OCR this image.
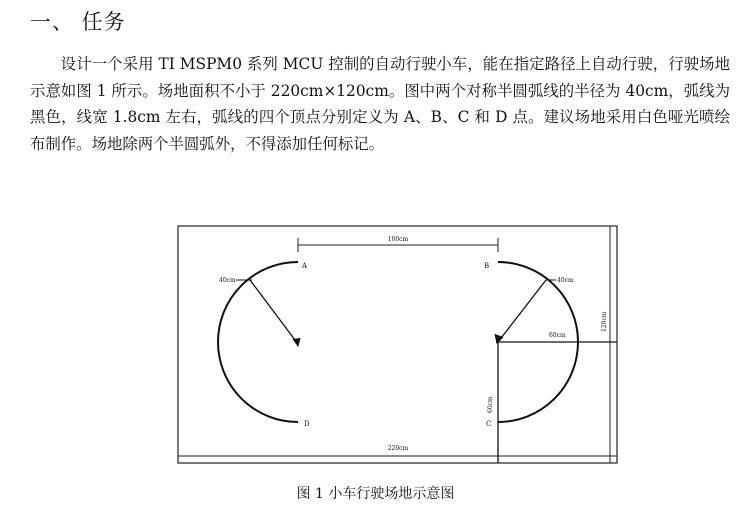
一、 任务

设计一个采用 TI MSPM0 系列 MCU 控制的自动行驶小车，能在指定路径上自动行驶，行驶场地示意如图 1 所示。场地面积不小于 220cm×120cm。图中两个对称半圆弧线的半径为 40cm，弧线为黑色，线宽 1.8cm 左右，弧线的四个顶点分别定义为 A、B、C 和 D 点。建议场地采用白色哑光喷绘布制作。场地除两个半圆弧外，不得添加任何标记。

A	B
C
D
100cm
40cm	40cm
60cm
60cm
120cm
220cm
图 1 小车行驶场地示意图
